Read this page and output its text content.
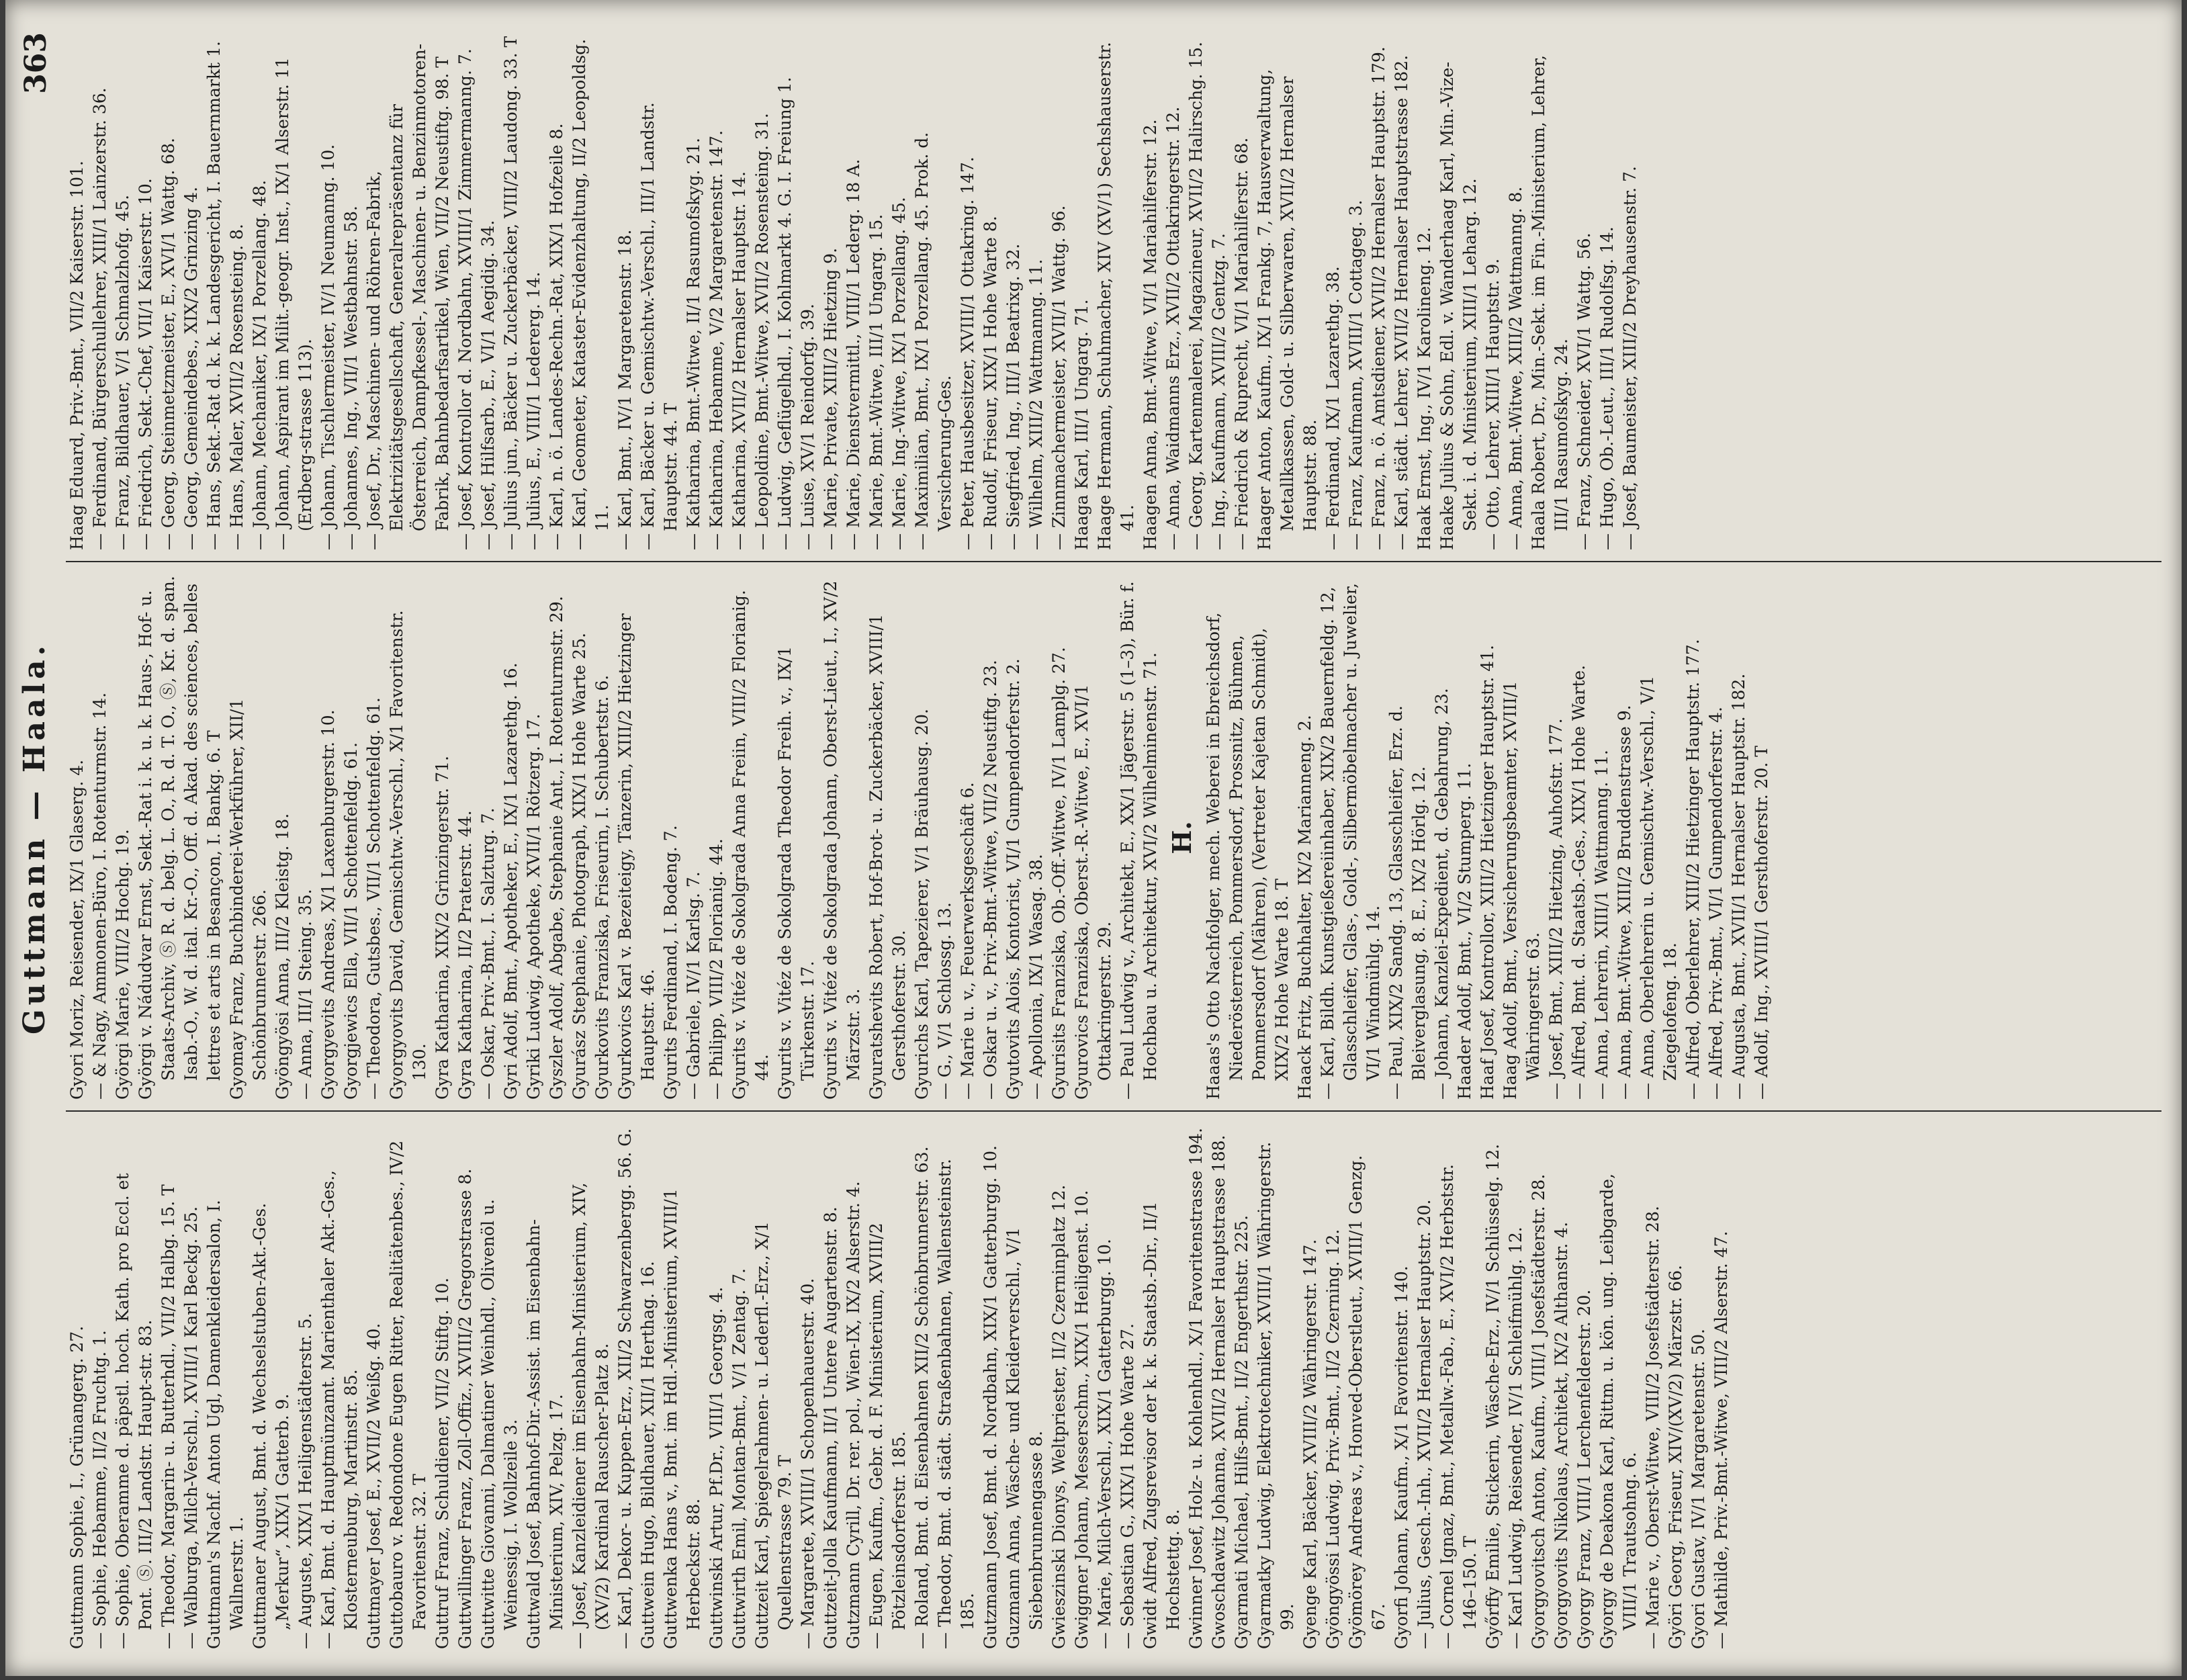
Guttmann — Haala.
363

Guttmann Sophie, I., Grünangerg. 27. — Sophie, Hebamme, II/2 Fruchtg. 1. — Sophie, Oberamme d. päpstl. hoch. Kath. pro Eccl. et Pont. Ⓢ. III/2 Landstr. Haupt-str. 83. — Theodor, Margarin- u. Butterhdl., VII/2 Halbg. 15. T — Walburga, Milch-Verschl., XVIII/1 Karl Beckg. 25. Guttmann's Nachf. Anton Ugl, Damenkleidersalon, I. Wallnerstr. 1. Guttmaner August, Bmt. d. Wechselstuben-Akt.-Ges. „Merkur“, XIX/1 Gatterb. 9. — Auguste, XIX/1 Heiligenstädterstr. 5. — Karl, Bmt. d. Hauptmünzamt. Marienthaler Akt.-Ges., Klosterneuburg, Martinstr. 85. Guttmayer Josef, E., XVII/2 Weißg. 40. Guttobauro v. Redondone Eugen Ritter, Realitätenbes., IV/2 Favoritenstr. 32. T Guttruf Franz, Schuldiener, VII/2 Stiftg. 10. Guttwillinger Franz, Zoll-Offiz., XVIII/2 Gregorstrasse 8. Guttwitte Giovanni, Dalmatiner Weinhdl., Olivenöl u. Weinessig, I. Wollzeile 3. Guttwald Josef, Bahnhof-Dir.-Assist. im Eisenbahn-Ministerium, XIV, Pelzg. 17. — Josef, Kanzleidiener im Eisenbahn-Ministerium, XIV, (XV/2) Kardinal Rauscher-Platz 8. — Karl, Dekor- u. Kuppen-Erz., XII/2 Schwarzenbergg. 56. G. Guttwein Hugo, Bildhauer, XII/1 Herthag. 16. Guttwenka Hans v., Bmt. im Hdl.-Ministerium, XVIII/1 Herbeckstr. 88. Guttwinski Artur, Pf.Dr., VIII/1 Georgsg. 4. Guttwirth Emil, Montan-Bmt., V/1 Zentag. 7. Guttzeit Karl, Spiegelrahmen- u. Lederfl.-Erz., X/1 Quellenstrasse 79. T — Margarete, XVIII/1 Schopenhauerstr. 40. Guttzeit-Jolla Kaufmann, II/1 Untere Augartenstr. 8. Gutzmann Cyrill, Dr. rer. pol., Wien-IX, IX/2 Alserstr. 4. — Eugen, Kaufm., Gebr. d. F. Ministerium, XVIII/2 Pötzleinsdorferstr. 185. — Roland, Bmt. d. Eisenbahnen XII/2 Schönbrunnerstr. 63. — Theodor, Bmt. d. städt. Straßenbahnen, Wallensteinstr. 185. Gutzmann Josef, Bmt. d. Nordbahn, XIX/1 Gatterburgg. 10. Guzmann Anna, Wäsche- und Kleiderverschl., V/1 Siebenbrunnengasse 8. Gwieszinski Dionys, Weltpriester, II/2 Czerninplatz 12. Gwiggner Johann, Messerschm., XIX/1 Heiligenst. 10. — Marie, Milch-Verschl., XIX/1 Gatterburgg. 10. — Sebastian G., XIX/1 Hohe Warte 27. Gwidt Alfred, Zugsrevisor der k. k. Staatsb.-Dir., II/1 Hochstettg. 8. Gwinner Josef, Holz- u. Kohlenhdl., X/1 Favoritenstrasse 194. Gwoschdawitz Johanna, XVII/2 Hernalser Hauptstrasse 188. Gyarmati Michael, Hilfs-Bmt., II/2 Engerthstr. 225. Gyarmatky Ludwig, Elektrotechniker, XVIII/1 Währingerstr. 99. Gyenge Karl, Bäcker, XVIII/2 Währingerstr. 147. Gyöngyössi Ludwig, Priv.-Bmt., II/2 Czerning. 12. Gyömörey Andreas v., Honved-Oberstleut., XVIII/1 Genzg. 67. Gyorfi Johann, Kaufm., X/1 Favoritenstr. 140. — Julius, Gesch.-Inh., XVII/2 Hernalser Hauptstr. 20. — Cornel Ignaz, Bmt., Metallw.-Fab., E., XVI/2 Herbststr. 146–150. T Győrffy Emilie, Stickerin, Wäsche-Erz., IV/1 Schlüsselg. 12. — Karl Ludwig, Reisender, IV/1 Schleifmühlg. 12. Gyorgyovitsch Anton, Kaufm., VIII/1 Josefstädterstr. 28. Gyorgyovits Nikolaus, Architekt, IX/2 Althanstr. 4. Gyorgy Franz, VIII/1 Lerchenfelderstr. 20. Gyorgy de Deakona Karl, Rittm. u. kön. ung. Leibgarde, VIII/1 Trautsohng. 6. — Marie v., Oberst-Witwe, VIII/2 Josefstädterstr. 28. Györi Georg, Friseur, XIV/(XV/2) Märzstr. 66. Gyori Gustav, IV/1 Margaretenstr. 50. — Mathilde, Priv.-Bmt.-Witwe, VIII/2 Alserstr. 47.

Gyori Moriz, Reisender, IX/1 Glaserg. 4. — & Nagy, Ammonen-Büro, I. Rotenturmstr. 14. Györgi Marie, VIII/2 Hochg. 19. Györgi v. Nádudvar Ernst, Sekt.-Rat i. k. u. k. Haus-, Hof- u. Staats-Archiv, Ⓢ R. d. belg. L. O., R. d. T. O., Ⓢ, Kr. d. span. Isab.-O., W. d. ital. Kr.-O., Off. d. Akad. des sciences, belles lettres et arts in Besançon, I. Bankg. 6. T Gyomay Franz, Buchbinderei-Werkführer, XII/1 Schönbrunnerstr. 266. Gyöngyösi Anna, III/2 Kleistg. 18. — Anna, III/1 Steing. 35. Gyorgyevits Andreas, X/1 Laxenburgerstr. 10. Gyorgjewics Ella, VII/1 Schottenfeldg. 61. — Theodora, Gutsbes., VII/1 Schottenfeldg. 61. Gyorgyovits David, Gemischtw.-Verschl., X/1 Favoritenstr. 130. Gyra Katharina, XIX/2 Grinzingerstr. 71. Gyra Katharina, II/2 Praterstr. 44. — Oskar, Priv.-Bmt., I. Salzturg. 7. Gyri Adolf, Bmt., Apotheker, E., IX/1 Lazarethg. 16. Gyriki Ludwig, Apotheke, XVII/1 Rötzerg. 17. Gyszler Adolf, Abgabe, Stephanie Ant., I. Rotenturmstr. 29. Gyurász Stephanie, Photograph, XIX/1 Hohe Warte 25. Gyurkovits Franziska, Friseurin, I. Schubertstr. 6. Gyurkovics Karl v. Bezeiteigy, Tänzerin, XIII/2 Hietzinger Hauptstr. 46. Gyurits Ferdinand, I. Bodeng. 7. — Gabriele, IV/1 Karlsg. 7. — Philipp, VIII/2 Florianig. 44. Gyurits v. Vitéz de Sokolgrada Anna Freiin, VIII/2 Florianig. 44. Gyurits v. Vitéz de Sokolgrada Theodor Freih. v., IX/1 Türkenstr. 17. Gyurits v. Vitéz de Sokolgrada Johann, Oberst-Lieut., I., XV/2 Märzstr. 3. Gyuratshevits Robert, Hof-Brot- u. Zuckerbäcker, XVIII/1 Gersthoferstr. 30. Gyurichs Karl, Tapezierer, V/1 Bräuhausg. 20. — G., V/1 Schlossg. 13. — Marie u. v., Feuerwerksgeschäft 6. — Oskar u. v., Priv.-Bmt.-Witwe, VII/2 Neustiftg. 23. Gyutovits Alois, Kontorist, VI/1 Gumpendorferstr. 2. — Apollonia, IX/1 Wasag. 38. Gyurisits Franziska, Ob.-Off.-Witwe, IV/1 Lamplg. 27. Gyurovics Franziska, Oberst.-R.-Witwe, E., XVI/1 Ottakringerstr. 29. — Paul Ludwig v., Architekt, E., XX/1 Jägerstr. 5 (1–3), Bür. f. Hochbau u. Architektur, XVI/2 Wilhelminenstr. 71. H. Haaas's Otto Nachfolger, mech. Weberei in Ebreichsdorf, Niederösterreich, Pommersdorf, Prossnitz, Bühmen, Pommersdorf (Mähren), (Vertreter Kajetan Schmidt), XIX/2 Hohe Warte 18. T Haack Fritz, Buchhalter, IX/2 Marianneng. 2. — Karl, Bildh. Kunstgießereiinhaber, XIX/2 Bauernfeldg. 12, Glasschleifer, Glas-, Gold-, Silbermöbelmacher u. Juwelier, VI/1 Windmühlg. 14. — Paul, XIX/2 Sandg. 13, Glasschleifer, Erz. d. Bleiverglasung, 8. E., IX/2 Hörlg. 12. — Johann, Kanzlei-Expedient, d. Gebahrung, 23. Haader Adolf, Bmt., VI/2 Stumperg. 11. Haaf Josef, Kontrollor, XIII/2 Hietzinger Hauptstr. 41. Haag Adolf, Bmt., Versicherungsbeamter, XVIII/1 Währingerstr. 63. — Josef, Bmt., XIII/2 Hietzing, Auhofstr. 177. — Alfred, Bmt. d. Staatsb.-Ges., XIX/1 Hohe Warte. — Anna, Lehrerin, XIII/1 Wattmanng. 11. — Anna, Bmt.-Witwe, XIII/2 Bruddenstrasse 9. — Anna, Oberlehrerin u. Gemischtw.-Verschl., V/1 Ziegelofeng. 18. — Alfred, Oberlehrer, XIII/2 Hietzinger Hauptstr. 177. — Alfred, Priv.-Bmt., VI/1 Gumpendorferstr. 4. — Augusta, Bmt., XVII/1 Hernalser Hauptstr. 182. — Adolf, Ing., XVIII/1 Gersthoferstr. 20. T

Haag Eduard, Priv.-Bmt., VII/2 Kaiserstr. 101. — Ferdinand, Bürgerschullehrer, XIII/1 Lainzerstr. 36. — Franz, Bildhauer, V/1 Schmalzhofg. 45. — Friedrich, Sekt.-Chef, VII/1 Kaiserstr. 10. — Georg, Steinmetzmeister, E., XVI/1 Wattg. 68. — Georg, Gemeindebes., XIX/2 Grinzing 4. — Hans, Sekt.-Rat d. k. k. Landesgericht, I. Bauernmarkt 1. — Hans, Maler, XVII/2 Rosensteing. 8. — Johann, Mechaniker, IX/1 Porzellang. 48. — Johann, Aspirant im Milit.-geogr. Inst., IX/1 Alserstr. 11 (Erdberg-strasse 113). — Johann, Tischlermeister, IV/1 Neumanng. 10. — Johannes, Ing., VII/1 Westbahnstr. 58. — Josef, Dr., Maschinen- und Röhren-Fabrik, Elektrizitätsgesellschaft, Generalrepräsentanz für Österreich, Dampfkessel-, Maschinen- u. Benzinmotoren-Fabrik, Bahnbedarfsartikel, Wien, VII/2 Neustiftg. 98. T — Josef, Kontrollor d. Nordbahn, XVIII/1 Zimmermanng. 7. — Josef, Hilfsarb., E., VI/1 Aegidig. 34. — Julius jun., Bäcker u. Zuckerbäcker, VIII/2 Laudong. 33. T — Julius, E., VIII/1 Ledererg. 14. — Karl, n. ö. Landes-Rechn.-Rat, XIX/1 Hofzeile 8. — Karl, Geometer, Kataster-Evidenzhaltung, II/2 Leopoldsg. 11. — Karl, Bmt., IV/1 Margaretenstr. 18. — Karl, Bäcker u. Gemischtw.-Verschl., III/1 Landstr. Hauptstr. 44. T — Katharina, Bmt.-Witwe, II/1 Rasumofskyg. 21. — Katharina, Hebamme, V/2 Margaretenstr. 147. — Katharina, XVII/2 Hernalser Hauptstr. 14. — Leopoldine, Bmt.-Witwe, XVII/2 Rosensteing. 31. — Ludwig, Geflügelhdl., I. Kohlmarkt 4. G. I. Freiung 1. — Luise, XV/1 Reindorfg. 39. — Marie, Private, XIII/2 Hietzing 9. — Marie, Dienstvermittl., VIII/1 Lederg. 18 A. — Marie, Bmt.-Witwe, III/1 Ungarg. 15. — Marie, Ing.-Witwe, IX/1 Porzellang. 45. — Maximilian, Bmt., IX/1 Porzellang. 45. Prok. d. Versicherung-Ges. — Peter, Hausbesitzer, XVIII/1 Ottakring. 147. — Rudolf, Friseur, XIX/1 Hohe Warte 8. — Siegfried, Ing., III/1 Beatrixg. 32. — Wilhelm, XIII/2 Wattmanng. 11. — Zinnmachermeister, XVII/1 Wattg. 96. Haaga Karl, III/1 Ungarg. 71. Haage Hermann, Schuhmacher, XIV (XV/1) Sechshauserstr. 41. Haagen Anna, Bmt.-Witwe, VI/1 Mariahilferstr. 12. — Anna, Waidmanns Erz., XVII/2 Ottakringerstr. 12. — Georg, Kartenmalerei, Magazineur, XVII/2 Halirschg. 15. — Ing., Kaufmann, XVIII/2 Gentzg. 7. — Friedrich & Ruprecht, VI/1 Mariahilferstr. 68. Haager Anton, Kaufm., IX/1 Frankg. 7, Hausverwaltung, Metallkassen, Gold- u. Silberwaren, XVII/2 Hernalser Hauptstr. 88. — Ferdinand, IX/1 Lazarethg. 38. — Franz, Kaufmann, XVIII/1 Cottageg. 3. — Franz, n. ö. Amtsdiener, XVII/2 Hernalser Hauptstr. 179. — Karl, städt. Lehrer, XVII/2 Hernalser Hauptstrasse 182. Haak Ernst, Ing., IV/1 Karolineng. 12. Haake Julius & Sohn, Edl. v. Wanderhaag Karl, Min.-Vize-Sekt. i. d. Ministerium, XIII/1 Leharg. 12. — Otto, Lehrer, XIII/1 Hauptstr. 9. — Anna, Bmt.-Witwe, XIII/2 Wattmanng. 8. Haala Robert, Dr., Min.-Sekt. im Fin.-Ministerium, Lehrer, III/1 Rasumofskyg. 24. — Franz, Schneider, XVI/1 Wattg. 56. — Hugo, Ob.-Leut., III/1 Rudolfsg. 14. — Josef, Baumeister, XIII/2 Dreyhausenstr. 7.
